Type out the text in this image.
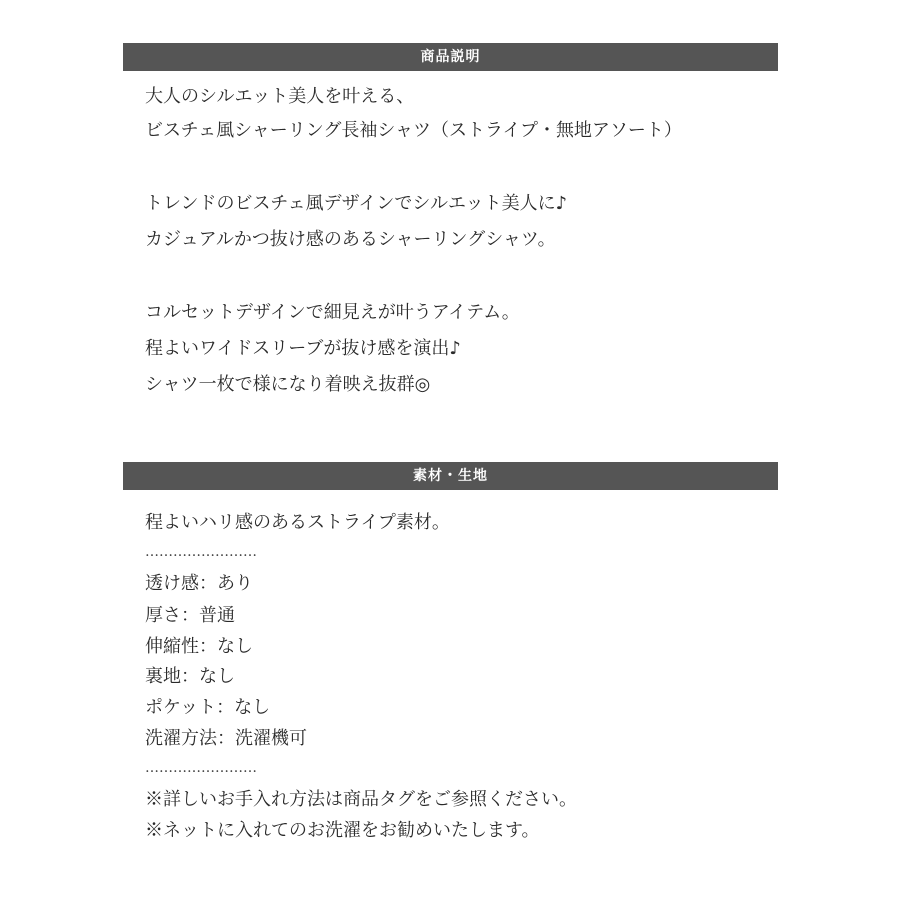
商品説明
大人のシルエット美人を叶える、
ビスチェ風シャーリング長袖シャツ（ストライプ・無地アソート）
トレンドのビスチェ風デザインでシルエット美人に♪
カジュアルかつ抜け感のあるシャーリングシャツ。
コルセットデザインで細見えが叶うアイテム。
程よいワイドスリーブが抜け感を演出♪
シャツ一枚で様になり着映え抜群◎
素材・生地
程よいハリ感のあるストライプ素材。
……………………
透け感：あり
厚さ：普通
伸縮性：なし
裏地：なし
ポケット：なし
洗濯方法：洗濯機可
……………………
※詳しいお手入れ方法は商品タグをご参照ください。
※ネットに入れてのお洗濯をお勧めいたします。
